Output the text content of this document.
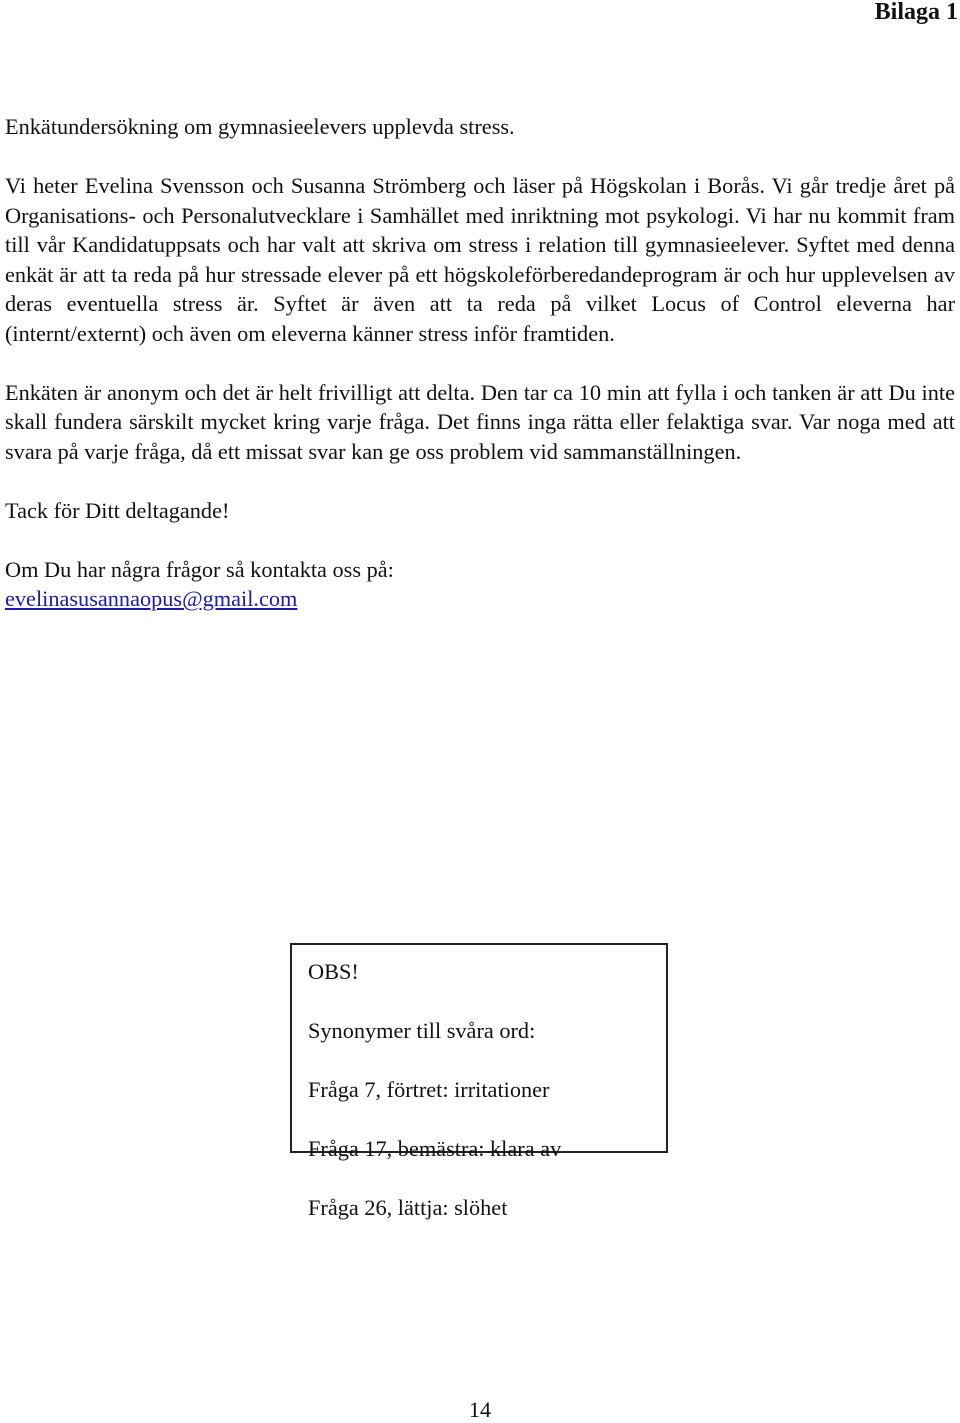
Bilaga 1

Enkätundersökning om gymnasieelevers upplevda stress.

Vi heter Evelina Svensson och Susanna Strömberg och läser på Högskolan i Borås. Vi går tredje året på Organisations- och Personalutvecklare i Samhället med inriktning mot psykologi. Vi har nu kommit fram till vår Kandidatuppsats och har valt att skriva om stress i relation till gymnasieelever. Syftet med denna enkät är att ta reda på hur stressade elever på ett högskoleförberedandeprogram är och hur upplevelsen av deras eventuella stress är. Syftet är även att ta reda på vilket Locus of Control eleverna har (internt/externt) och även om eleverna känner stress inför framtiden.

Enkäten är anonym och det är helt frivilligt att delta. Den tar ca 10 min att fylla i och tanken är att Du inte skall fundera särskilt mycket kring varje fråga. Det finns inga rätta eller felaktiga svar. Var noga med att svara på varje fråga, då ett missat svar kan ge oss problem vid sammanställningen.

Tack för Ditt deltagande!

Om Du har några frågor så kontakta oss på:
evelinasusannaopus@gmail.com

OBS!

Synonymer till svåra ord:

Fråga 7, förtret: irritationer

Fråga 17, bemästra: klara av

Fråga 26, lättja: slöhet

14
